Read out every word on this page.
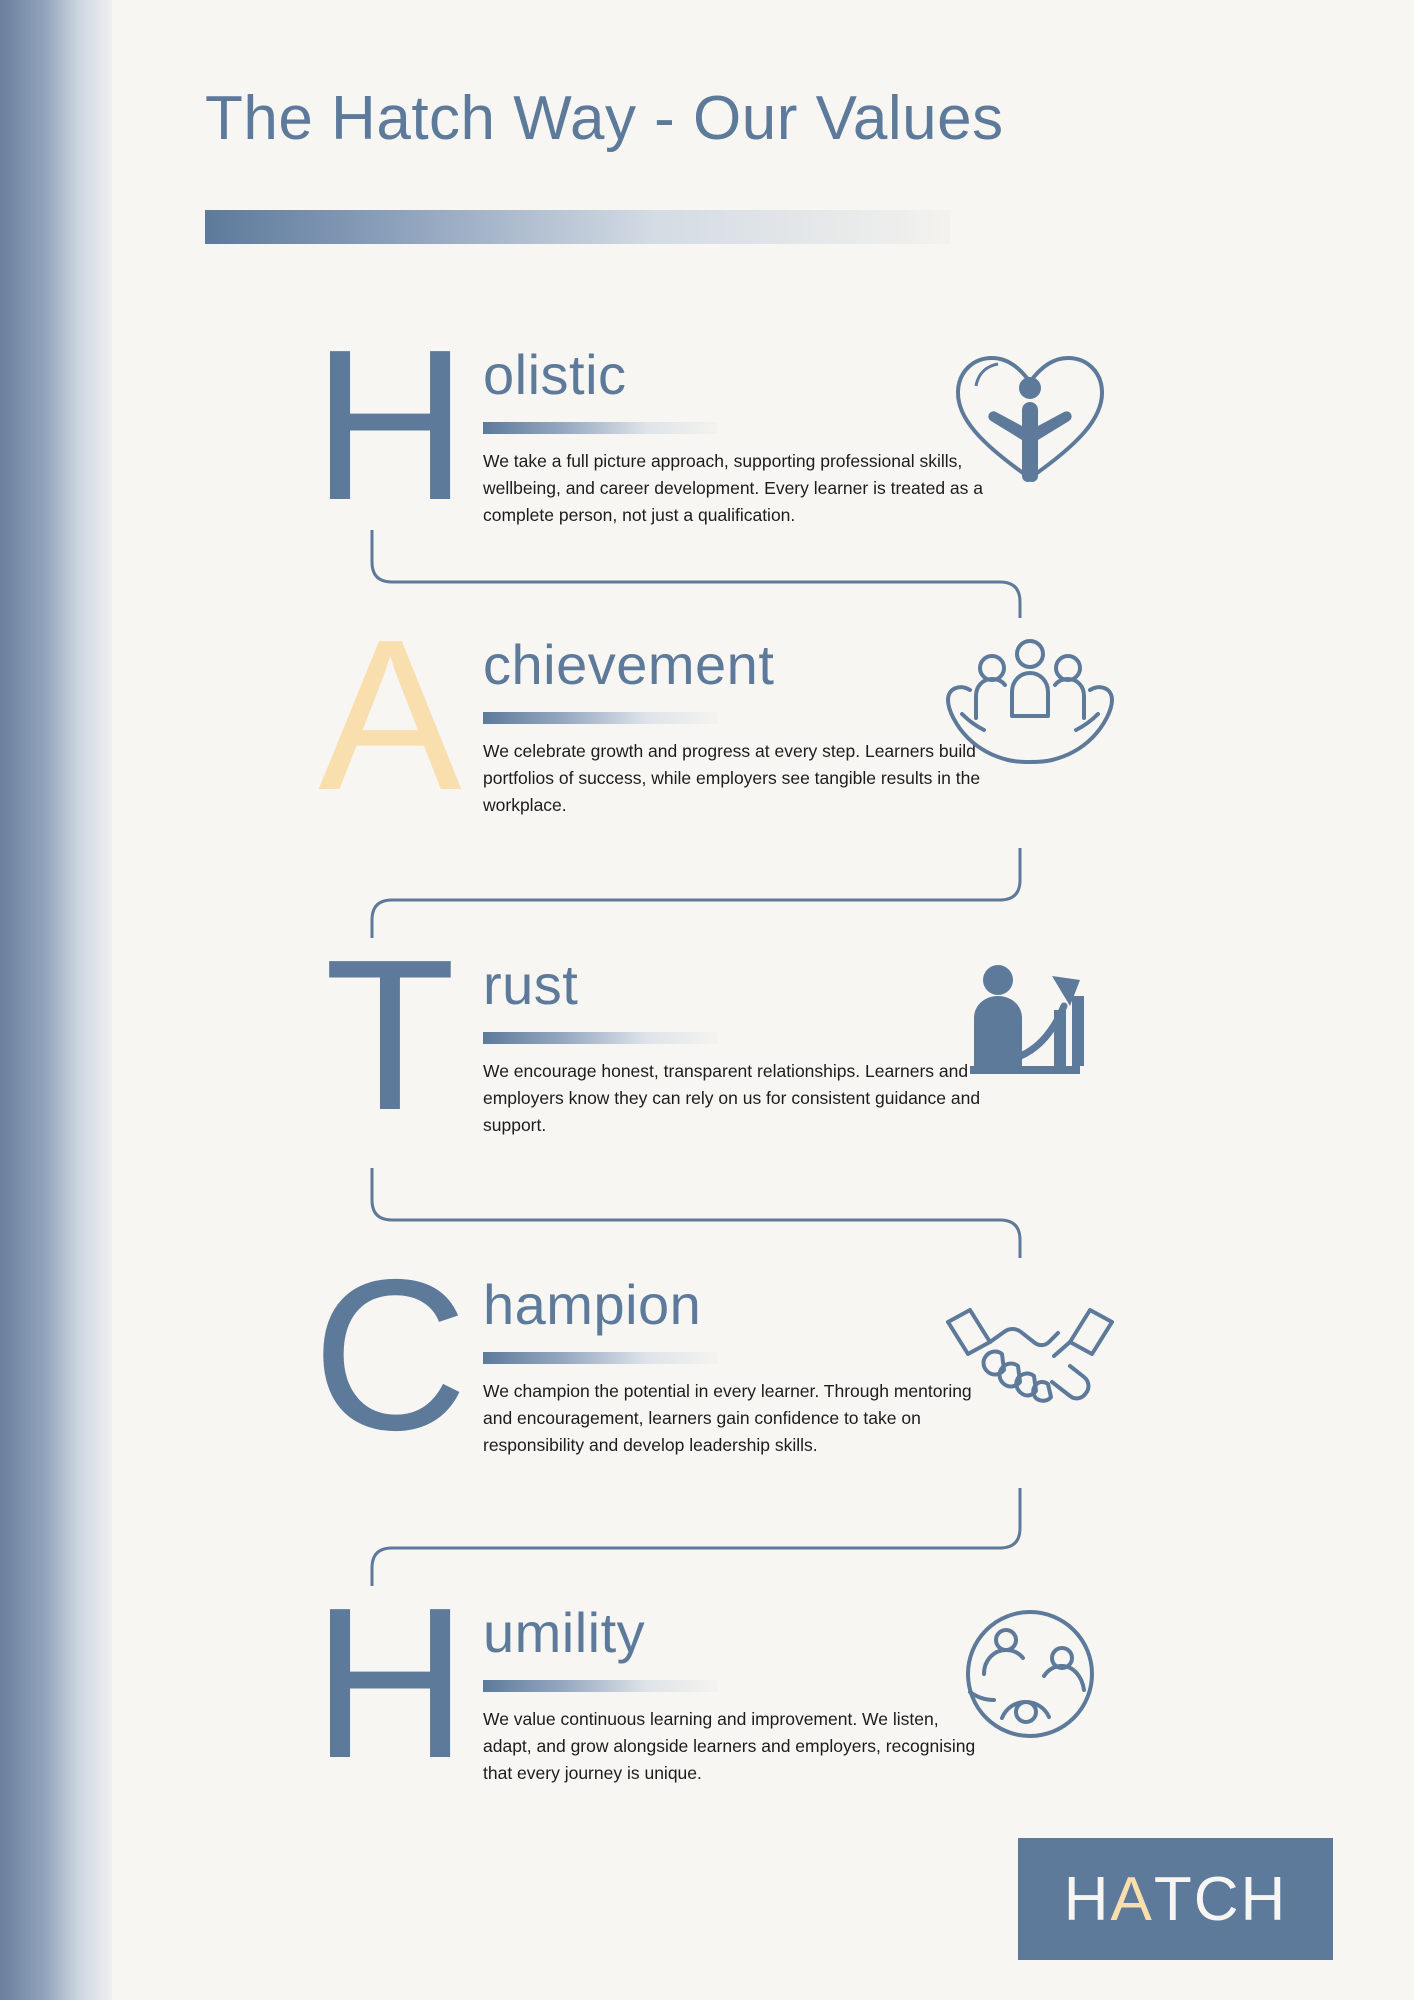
The Hatch Way - Our Values
H olistic
We take a full picture approach, supporting professional skills, wellbeing, and career development. Every learner is treated as a complete person, not just a qualification.
A chievement
We celebrate growth and progress at every step. Learners build portfolios of success, while employers see tangible results in the workplace.
T rust
We encourage honest, transparent relationships. Learners and employers know they can rely on us for consistent guidance and support.
C hampion
We champion the potential in every learner. Through mentoring and encouragement, learners gain confidence to take on responsibility and develop leadership skills.
H umility
We value continuous learning and improvement. We listen, adapt, and grow alongside learners and employers, recognising that every journey is unique.
H A TCH
